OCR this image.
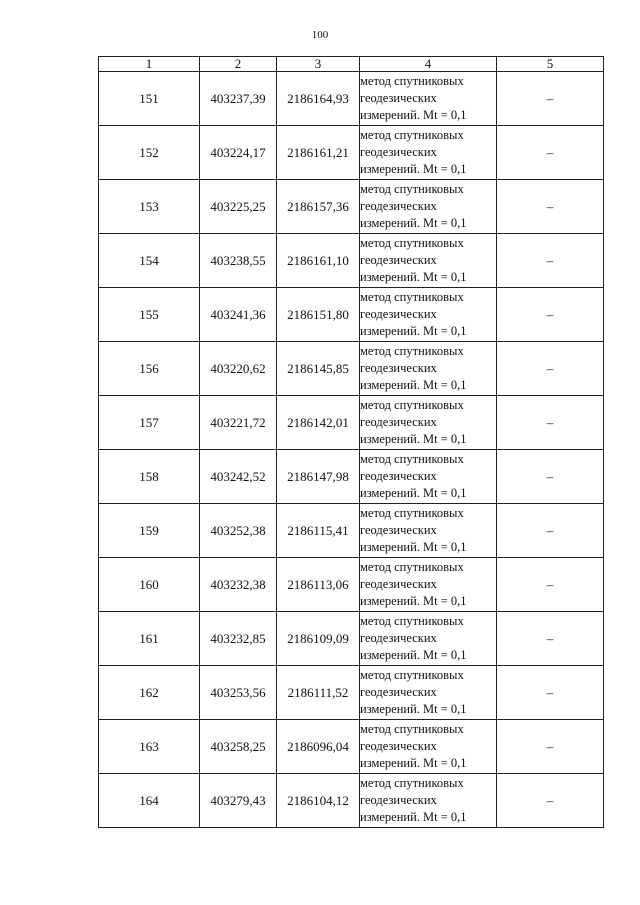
100
1	2	3	4	5
151	403237,39	2186164,93	метод спутниковых
геодезических
измерений. Mt = 0,1	–
152	403224,17	2186161,21	метод спутниковых
геодезических
измерений. Mt = 0,1	–
153	403225,25	2186157,36	метод спутниковых
геодезических
измерений. Mt = 0,1	–
154	403238,55	2186161,10	метод спутниковых
геодезических
измерений. Mt = 0,1	–
155	403241,36	2186151,80	метод спутниковых
геодезических
измерений. Mt = 0,1	–
156	403220,62	2186145,85	метод спутниковых
геодезических
измерений. Mt = 0,1	–
157	403221,72	2186142,01	метод спутниковых
геодезических
измерений. Mt = 0,1	–
158	403242,52	2186147,98	метод спутниковых
геодезических
измерений. Mt = 0,1	–
159	403252,38	2186115,41	метод спутниковых
геодезических
измерений. Mt = 0,1	–
160	403232,38	2186113,06	метод спутниковых
геодезических
измерений. Mt = 0,1	–
161	403232,85	2186109,09	метод спутниковых
геодезических
измерений. Mt = 0,1	–
162	403253,56	2186111,52	метод спутниковых
геодезических
измерений. Mt = 0,1	–
163	403258,25	2186096,04	метод спутниковых
геодезических
измерений. Mt = 0,1	–
164	403279,43	2186104,12	метод спутниковых
геодезических
измерений. Mt = 0,1	–
